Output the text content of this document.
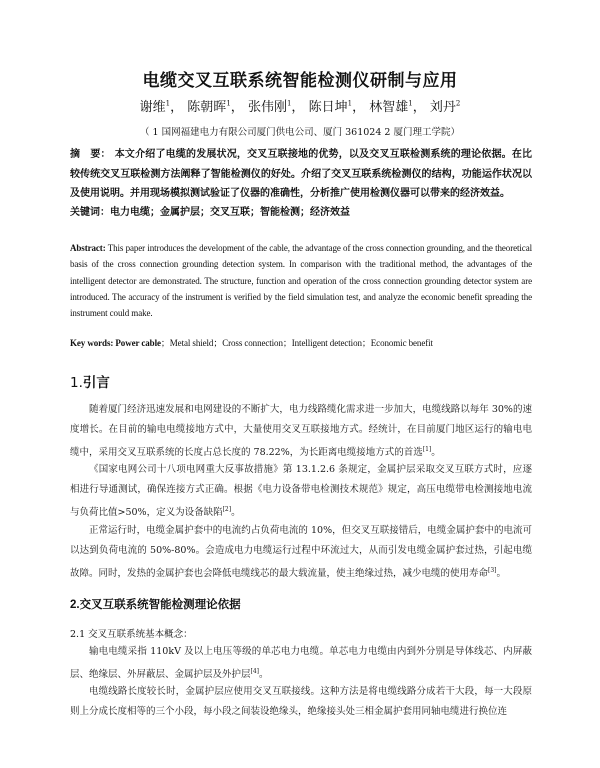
电缆交叉互联系统智能检测仪研制与应用
谢维$^1$， 陈朝晖$^1$， 张伟刚$^1$， 陈日坤$^1$， 林智雄$^1$， 刘丹$^2$
（ 1 国网福建电力有限公司厦门供电公司、厦门 361024 2 厦门理工学院）
摘　要： 本文介绍了电缆的发展状况，交叉互联接地的优势，以及交叉互联检测系统的理论依据。在比较传统交叉互联检测方法阐释了智能检测仪的好处。介绍了交叉互联系统检测仪的结构，功能运作状况以及使用说明。并用现场模拟测试验证了仪器的准确性，分析推广使用检测仪器可以带来的经济效益。
关键词：电力电缆；金属护层；交叉互联；智能检测；经济效益
Abstract: This paper introduces the development of the cable, the advantage of the cross connection grounding, and the theoretical basis of the cross connection grounding detection system. In comparison with the traditional method, the advantages of the intelligent detector are demonstrated. The structure, function and operation of the cross connection grounding detector system are introduced. The accuracy of the instrument is verified by the field simulation test, and analyze the economic benefit spreading the instrument could make.
Key words: Power cable；Metal shield；Cross connection；Intelligent detection；Economic benefit
1.引言
随着厦门经济迅速发展和电网建设的不断扩大，电力线路缆化需求进一步加大，电缆线路以每年 30%的速度增长。在目前的输电电缆接地方式中，大量使用交叉互联接地方式。经统计，在目前厦门地区运行的输电电缆中，采用交叉互联系统的长度占总长度的 78.22%，为长距离电缆接地方式的首选[1]。
《国家电网公司十八项电网重大反事故措施》第 13.1.2.6 条规定，金属护层采取交叉互联方式时，应逐相进行导通测试，确保连接方式正确。根据《电力设备带电检测技术规范》规定，高压电缆带电检测接地电流与负荷比值>50%，定义为设备缺陷[2]。
正常运行时，电缆金属护套中的电流约占负荷电流的 10%，但交叉互联接错后，电缆金属护套中的电流可以达到负荷电流的 50%-80%。会造成电力电缆运行过程中环流过大，从而引发电缆金属护套过热，引起电缆故障。同时，发热的金属护套也会降低电缆线芯的最大载流量，使主绝缘过热，减少电缆的使用寿命[3]。
2.交叉互联系统智能检测理论依据
2.1 交叉互联系统基本概念：
输电电缆采指 110kV 及以上电压等级的单芯电力电缆。单芯电力电缆由内到外分别是导体线芯、内屏蔽层、绝缘层、外屏蔽层、金属护层及外护层[4]。
电缆线路长度较长时，金属护层应使用交叉互联接线。这种方法是将电缆线路分成若干大段，每一大段原则上分成长度相等的三个小段，每小段之间装设绝缘头，绝缘接头处三相金属护套用同轴电缆进行换位连
